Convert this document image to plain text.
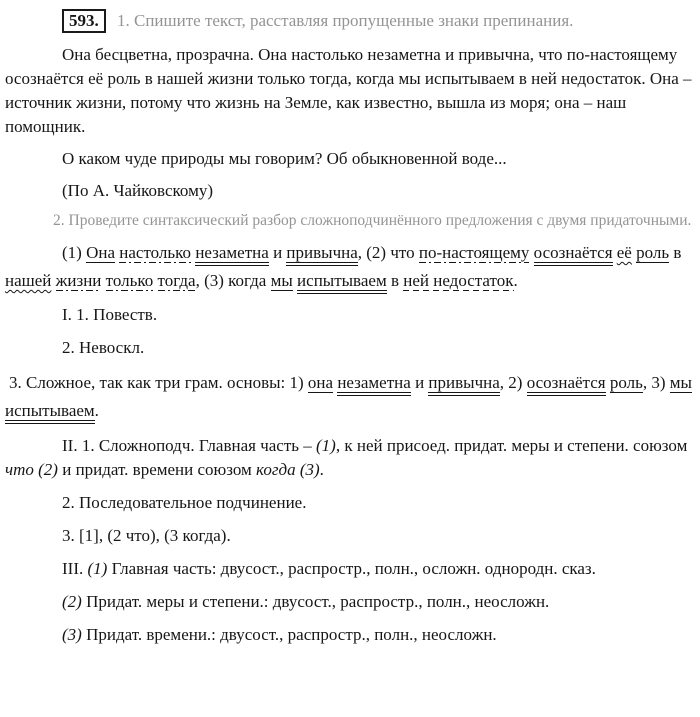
593. 1. Спишите текст, расставляя пропущенные знаки препинания.

Она бесцветна, прозрачна. Она настолько незаметна и привычна, что по-настоящему осознаётся её роль в нашей жизни только тогда, когда мы испытываем в ней недостаток. Она – источник жизни, потому что жизнь на Земле, как известно, вышла из моря; она – наш помощник.

О каком чуде природы мы говорим? Об обыкновенной воде...

(По А. Чайковскому)

2. Проведите синтаксический разбор сложноподчинённого предложения с двумя придаточными.

(1) Она настолько незаметна и привычна, (2) что по-настоящему осознаётся её роль в нашей жизни только тогда, (3) когда мы испытываем в ней недостаток.

I. 1. Повеств.

2. Невоскл.

3. Сложное, так как три грам. основы: 1) она незаметна и привычна, 2) осознаётся роль, 3) мы испытываем.

II. 1. Сложноподч. Главная часть – (1), к ней присоед. придат. меры и степени. союзом что (2) и придат. времени союзом когда (3).

2. Последовательное подчинение.

3. [1], (2 что), (3 когда).

III. (1) Главная часть: двусост., распростр., полн., осложн. однородн. сказ.

(2) Придат. меры и степени.: двусост., распростр., полн., неосложн.

(3) Придат. времени.: двусост., распростр., полн., неосложн.
